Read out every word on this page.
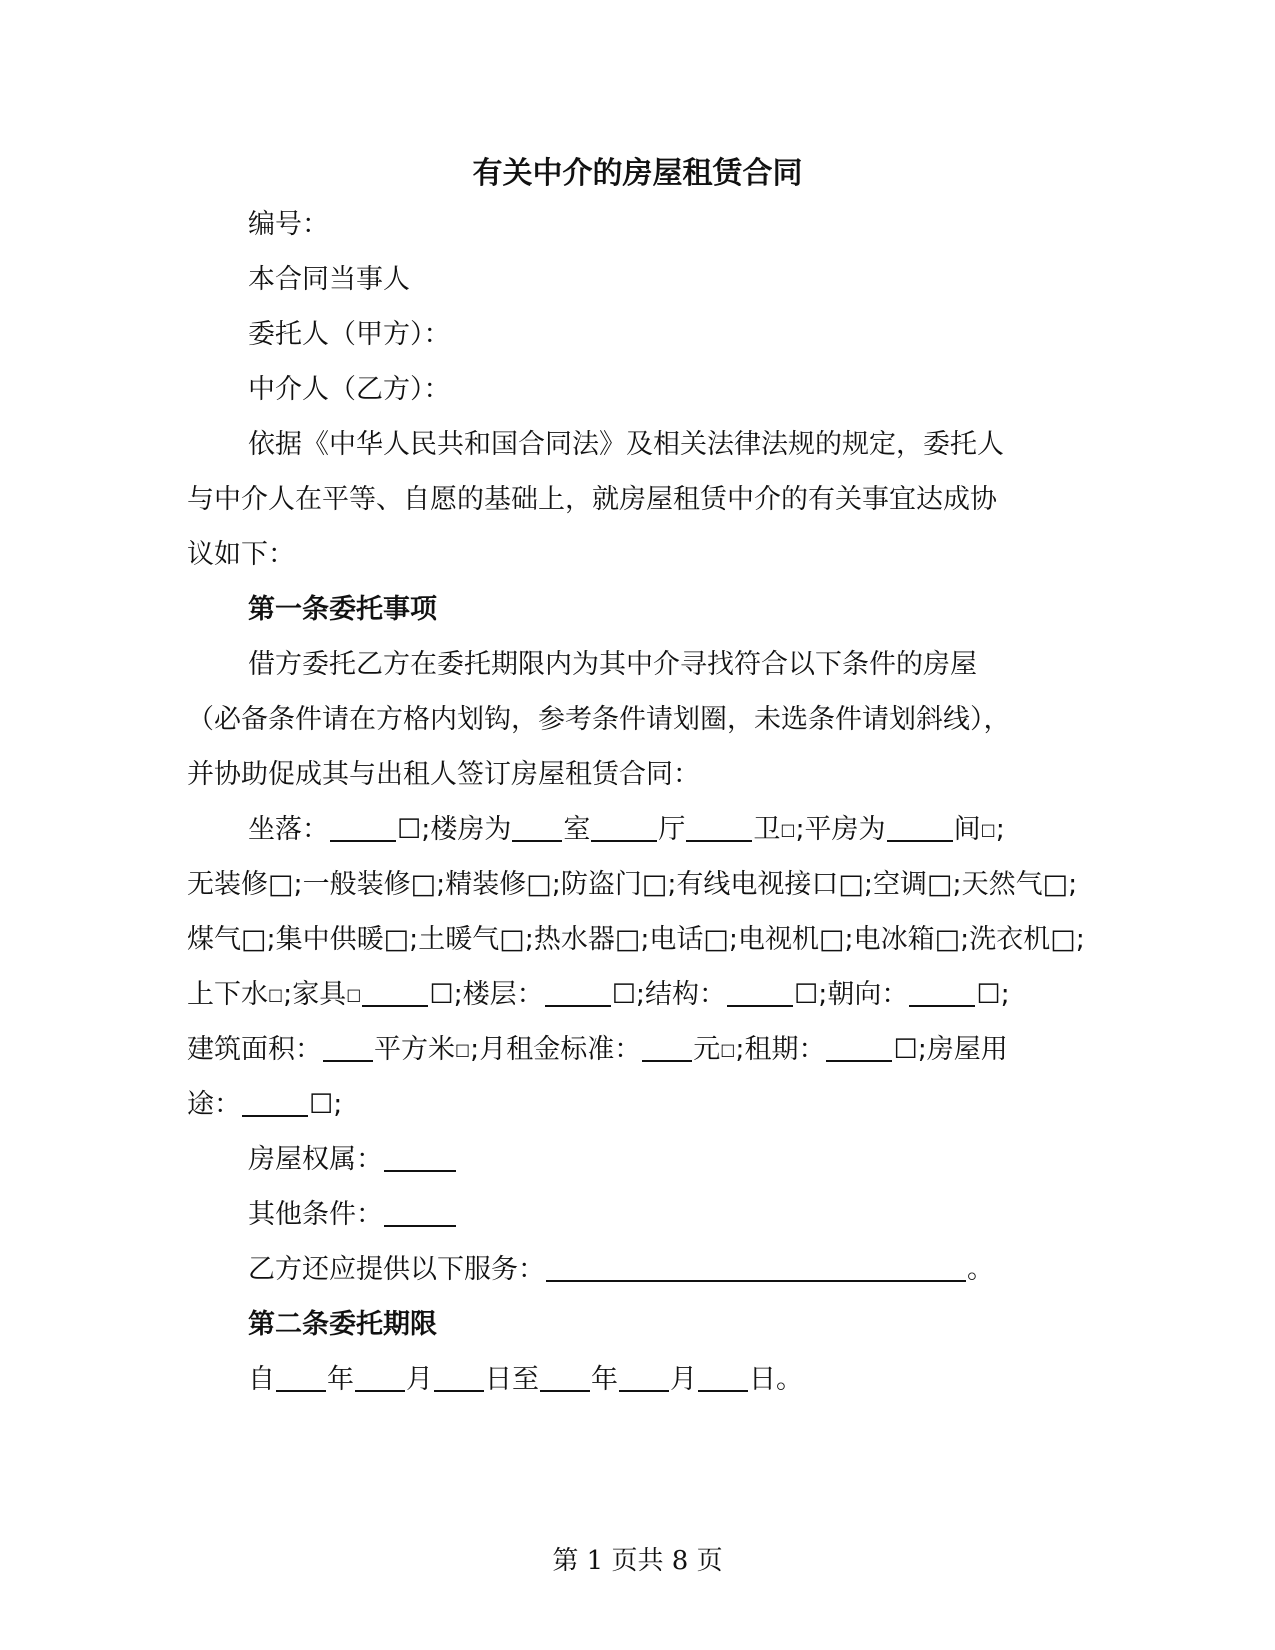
有关中介的房屋租赁合同
编号：
本合同当事人
委托人（甲方）：
中介人（乙方）：
依据《中华人民共和国合同法》及相关法律法规的规定，委托人
与中介人在平等、自愿的基础上，就房屋租赁中介的有关事宜达成协
议如下：
第一条委托事项
借方委托乙方在委托期限内为其中介寻找符合以下条件的房屋
（必备条件请在方格内划钩，参考条件请划圈，未选条件请划斜线），
并协助促成其与出租人签订房屋租赁合同：
坐落：	☐;楼房为 室	厅	卫□;平房为	间□;
无装修□;一般装修□;精装修□;防盗门□;有线电视接口□;空调□;天然气□;
煤气□;集中供暖□;土暖气□;热水器□;电话□;电视机□;电冰箱□;洗衣机□;
上下水□;家具□	☐;楼层：	☐;结构：	☐;朝向：	☐;
建筑面积： 平方米□;月租金标准： 元□;租期：	☐;房屋用
途：	☐;
房屋权属：
其他条件：
乙方还应提供以下服务：	。
第二条委托期限
自 年 月 日至 年 月 日。
第 1 页共 8 页
